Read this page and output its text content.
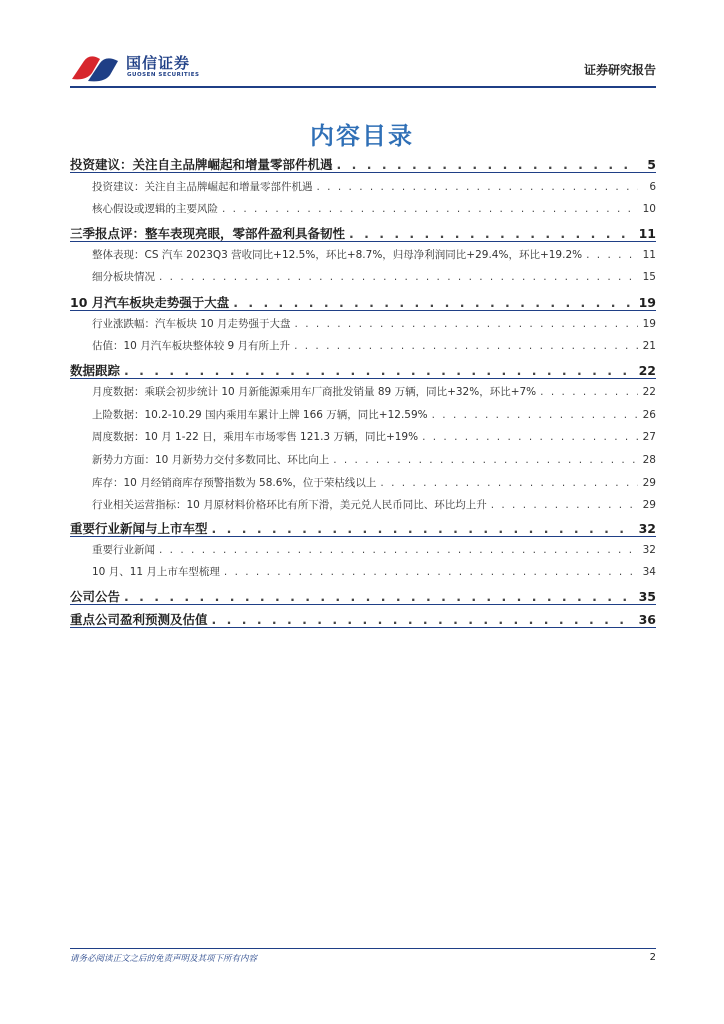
国信证券
GUOSEN SECURITIES	证券研究报告
内容目录
投资建议：关注自主品牌崛起和增量零部件机遇 . . .	5
投资建议：关注自主品牌崛起和增量零部件机遇 . . .	6
核心假设或逻辑的主要风险 . . .	10
三季报点评：整车表现亮眼，零部件盈利具备韧性 . . .	11
整体表现：CS 汽车 2023Q3 营收同比+12.5%，环比+8.7%，归母净利润同比+29.4%，环比+19.2% . . .	11
细分板块情况 . . .	15
10 月汽车板块走势强于大盘 . . .	19
行业涨跌幅：汽车板块 10 月走势强于大盘 . . .	19
估值：10 月汽车板块整体较 9 月有所上升 . . .	21
数据跟踪 . . .	22
月度数据：乘联会初步统计 10 月新能源乘用车厂商批发销量 89 万辆，同比+32%，环比+7% . . .	22
上险数据：10.2-10.29 国内乘用车累计上牌 166 万辆，同比+12.59% . . .	26
周度数据：10 月 1-22 日，乘用车市场零售 121.3 万辆，同比+19% . . .	27
新势力方面：10 月新势力交付多数同比、环比向上 . . .	28
库存：10 月经销商库存预警指数为 58.6%，位于荣枯线以上 . . .	29
行业相关运营指标：10 月原材料价格环比有所下滑，美元兑人民币同比、环比均上升 . . .	29
重要行业新闻与上市车型 . . .	32
重要行业新闻 . . .	32
10 月、11 月上市车型梳理 . . .	34
公司公告 . . .	35
重点公司盈利预测及估值 . . .	36
请务必阅读正文之后的免责声明及其项下所有内容	2
